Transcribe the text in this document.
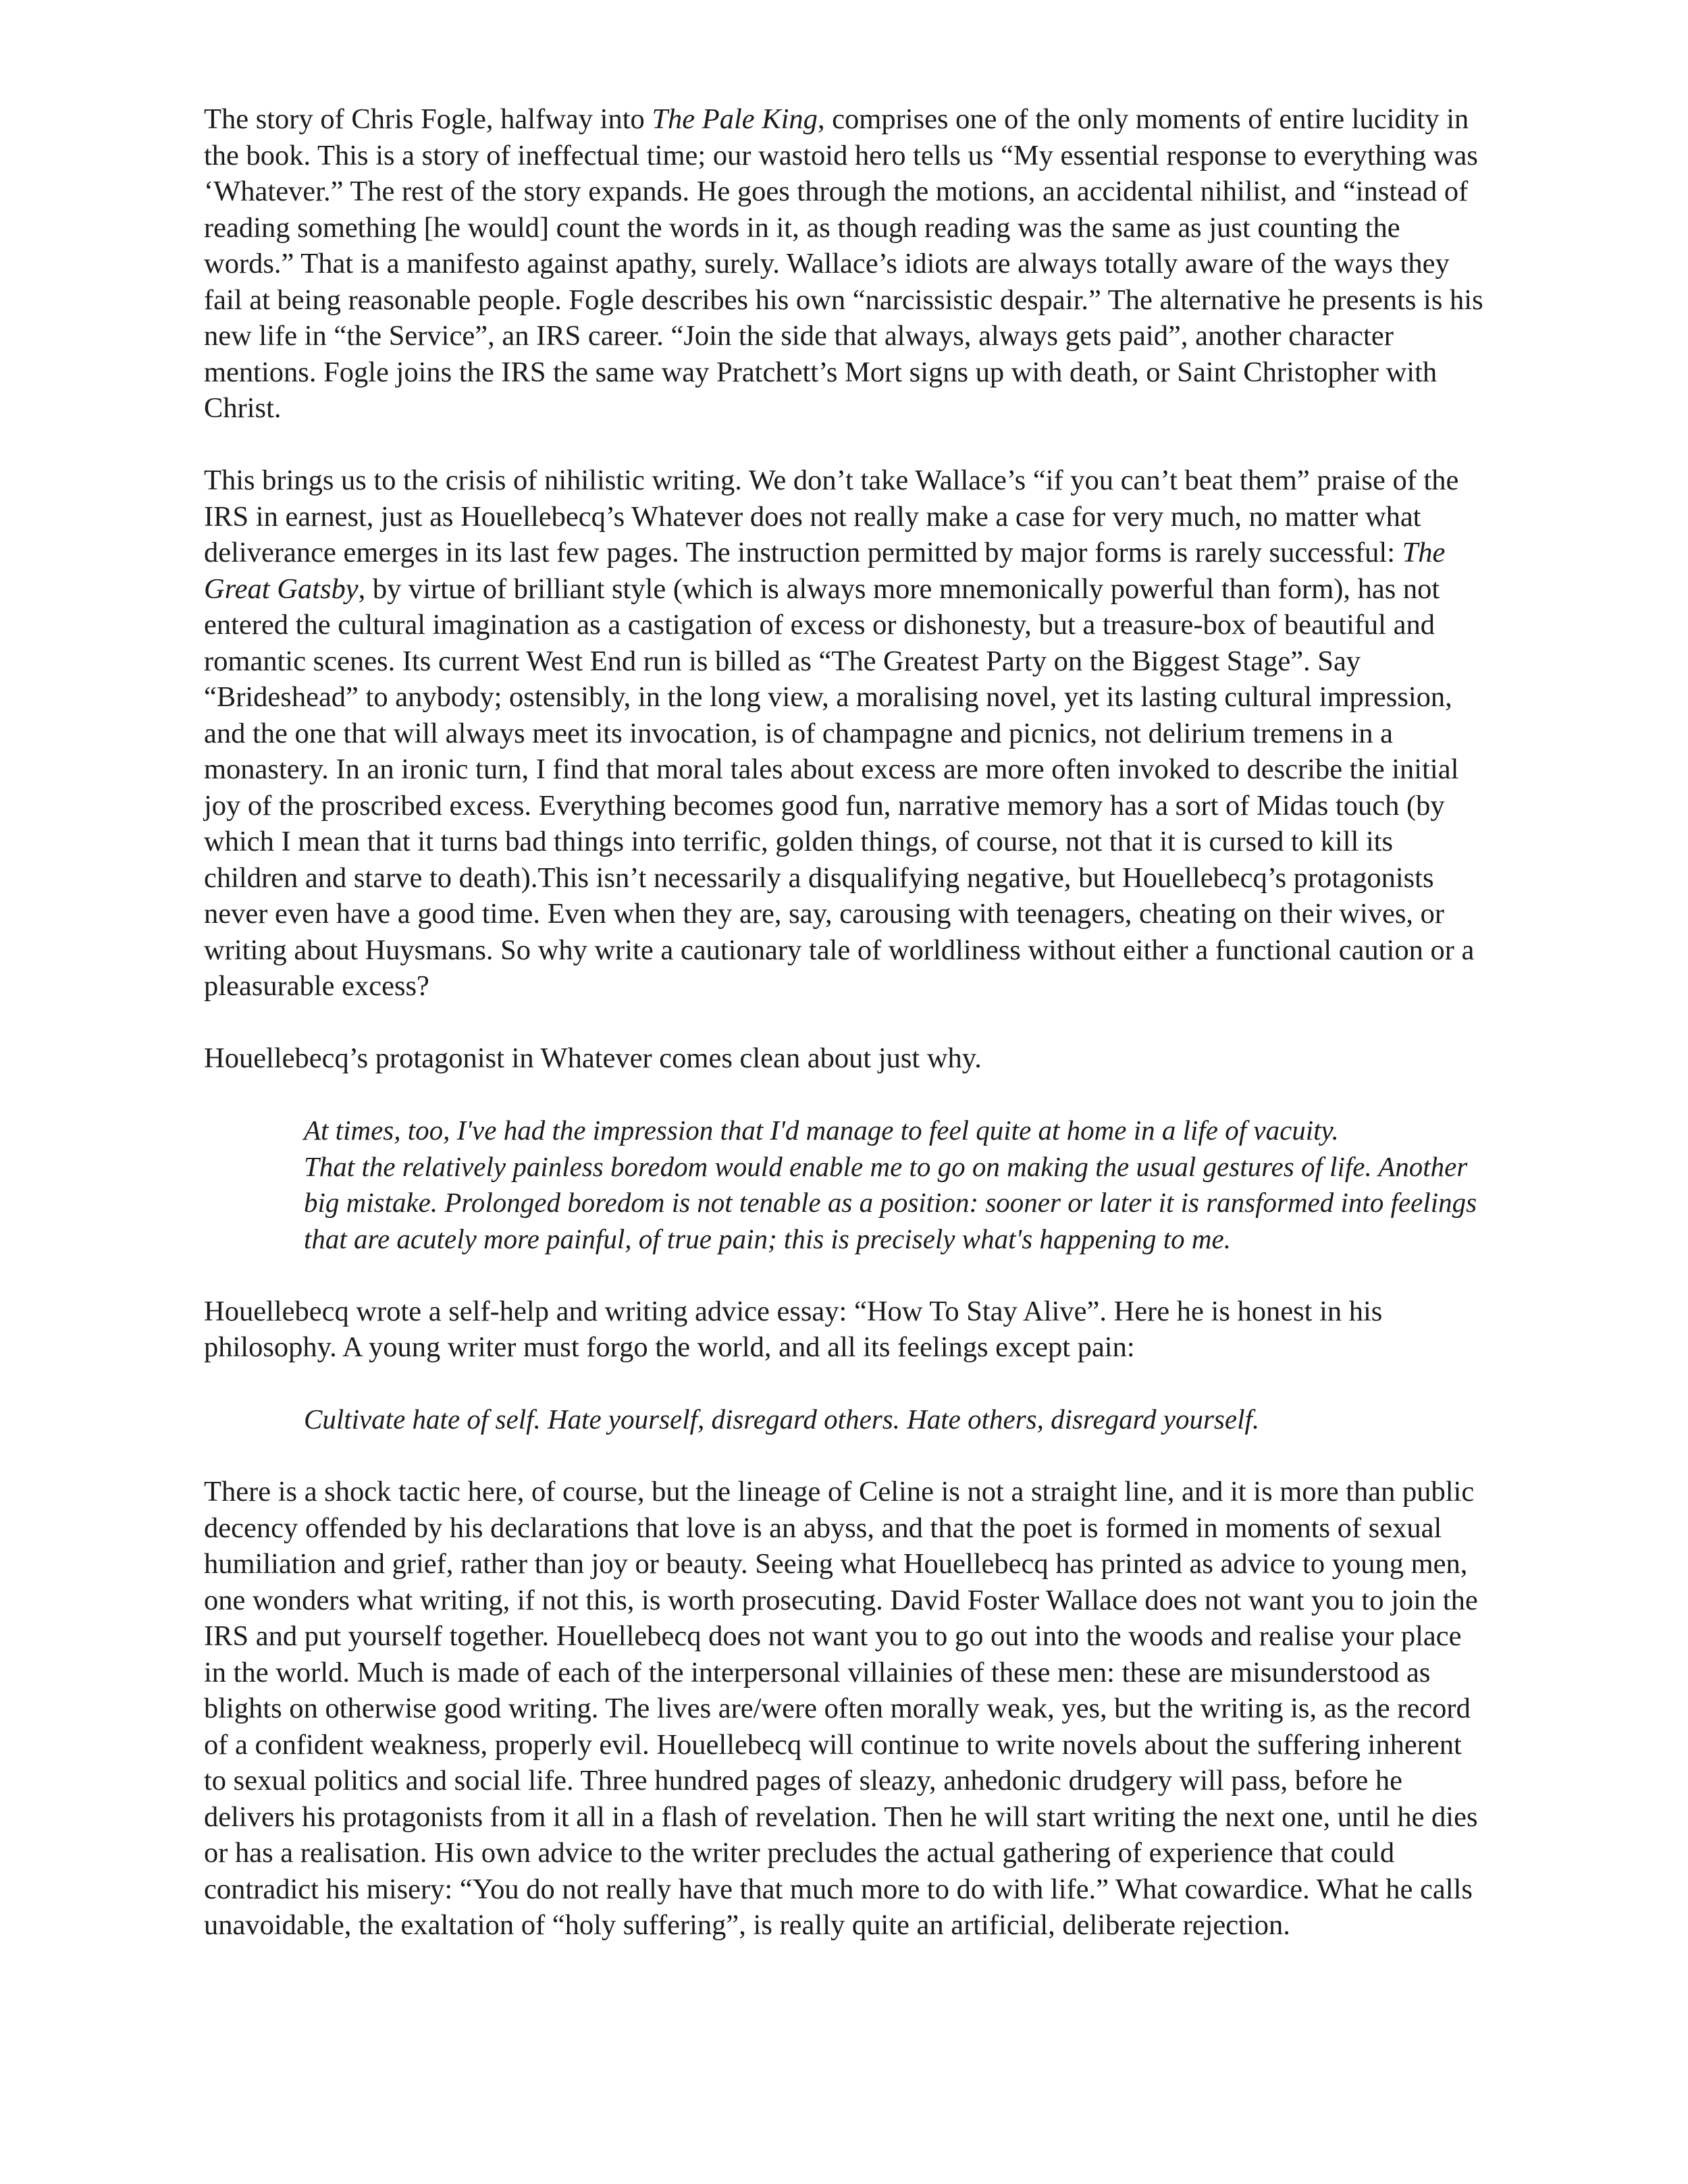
The story of Chris Fogle, halfway into The Pale King, comprises one of the only moments of entire lucidity in the book. This is a story of ineffectual time; our wastoid hero tells us “My essential response to everything was ‘Whatever.” The rest of the story expands. He goes through the motions, an accidental nihilist, and “instead of reading something [he would] count the words in it, as though reading was the same as just counting the words.” That is a manifesto against apathy, surely. Wallace’s idiots are always totally aware of the ways they fail at being reasonable people. Fogle describes his own “narcissistic despair.” The alternative he presents is his new life in “the Service”, an IRS career. “Join the side that always, always gets paid”, another character mentions. Fogle joins the IRS the same way Pratchett’s Mort signs up with death, or Saint Christopher with Christ.

This brings us to the crisis of nihilistic writing. We don’t take Wallace’s “if you can’t beat them” praise of the IRS in earnest, just as Houellebecq’s Whatever does not really make a case for very much, no matter what deliverance emerges in its last few pages. The instruction permitted by major forms is rarely successful: The Great Gatsby, by virtue of brilliant style (which is always more mnemonically powerful than form), has not entered the cultural imagination as a castigation of excess or dishonesty, but a treasure-box of beautiful and romantic scenes. Its current West End run is billed as “The Greatest Party on the Biggest Stage”. Say “Brideshead” to anybody; ostensibly, in the long view, a moralising novel, yet its lasting cultural impression, and the one that will always meet its invocation, is of champagne and picnics, not delirium tremens in a monastery. In an ironic turn, I find that moral tales about excess are more often invoked to describe the initial joy of the proscribed excess. Everything becomes good fun, narrative memory has a sort of Midas touch (by which I mean that it turns bad things into terrific, golden things, of course, not that it is cursed to kill its children and starve to death).This isn’t necessarily a disqualifying negative, but Houellebecq’s protagonists never even have a good time. Even when they are, say, carousing with teenagers, cheating on their wives, or writing about Huysmans. So why write a cautionary tale of worldliness without either a functional caution or a pleasurable excess?

Houellebecq’s protagonist in Whatever comes clean about just why.

At times, too, I've had the impression that I'd manage to feel quite at home in a life of vacuity.
That the relatively painless boredom would enable me to go on making the usual gestures of life. Another big mistake. Prolonged boredom is not tenable as a position: sooner or later it is ransformed into feelings that are acutely more painful, of true pain; this is precisely what's happening to me.

Houellebecq wrote a self-help and writing advice essay: “How To Stay Alive”. Here he is honest in his philosophy. A young writer must forgo the world, and all its feelings except pain:

Cultivate hate of self. Hate yourself, disregard others. Hate others, disregard yourself.

There is a shock tactic here, of course, but the lineage of Celine is not a straight line, and it is more than public decency offended by his declarations that love is an abyss, and that the poet is formed in moments of sexual humiliation and grief, rather than joy or beauty. Seeing what Houellebecq has printed as advice to young men, one wonders what writing, if not this, is worth prosecuting. David Foster Wallace does not want you to join the IRS and put yourself together. Houellebecq does not want you to go out into the woods and realise your place in the world. Much is made of each of the interpersonal villainies of these men: these are misunderstood as blights on otherwise good writing. The lives are/were often morally weak, yes, but the writing is, as the record of a confident weakness, properly evil. Houellebecq will continue to write novels about the suffering inherent to sexual politics and social life. Three hundred pages of sleazy, anhedonic drudgery will pass, before he delivers his protagonists from it all in a flash of revelation. Then he will start writing the next one, until he dies or has a realisation. His own advice to the writer precludes the actual gathering of experience that could contradict his misery: “You do not really have that much more to do with life.” What cowardice. What he calls unavoidable, the exaltation of “holy suffering”, is really quite an artificial, deliberate rejection.
